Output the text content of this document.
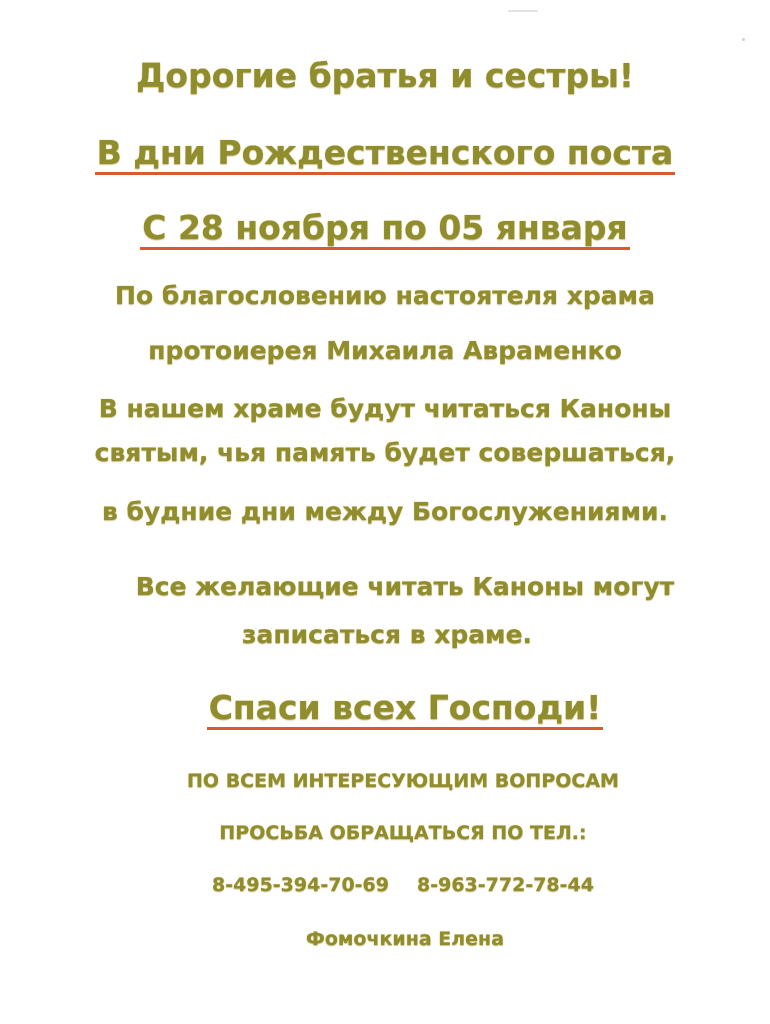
Дорогие братья и сестры!
В дни Рождественского поста
С 28 ноября по 05 января
По благословению настоятеля храма
протоиерея Михаила Авраменко
В нашем храме будут читаться Каноны
святым, чья память будет совершаться,
в будние дни между Богослужениями.
Все желающие читать Каноны могут
записаться в храме.
Спаси всех Господи!
ПО ВСЕМ ИНТЕРЕСУЮЩИМ ВОПРОСАМ
ПРОСЬБА ОБРАЩАТЬСЯ ПО ТЕЛ.:
8-495-394-70-69 8-963-772-78-44
Фомочкина Елена
